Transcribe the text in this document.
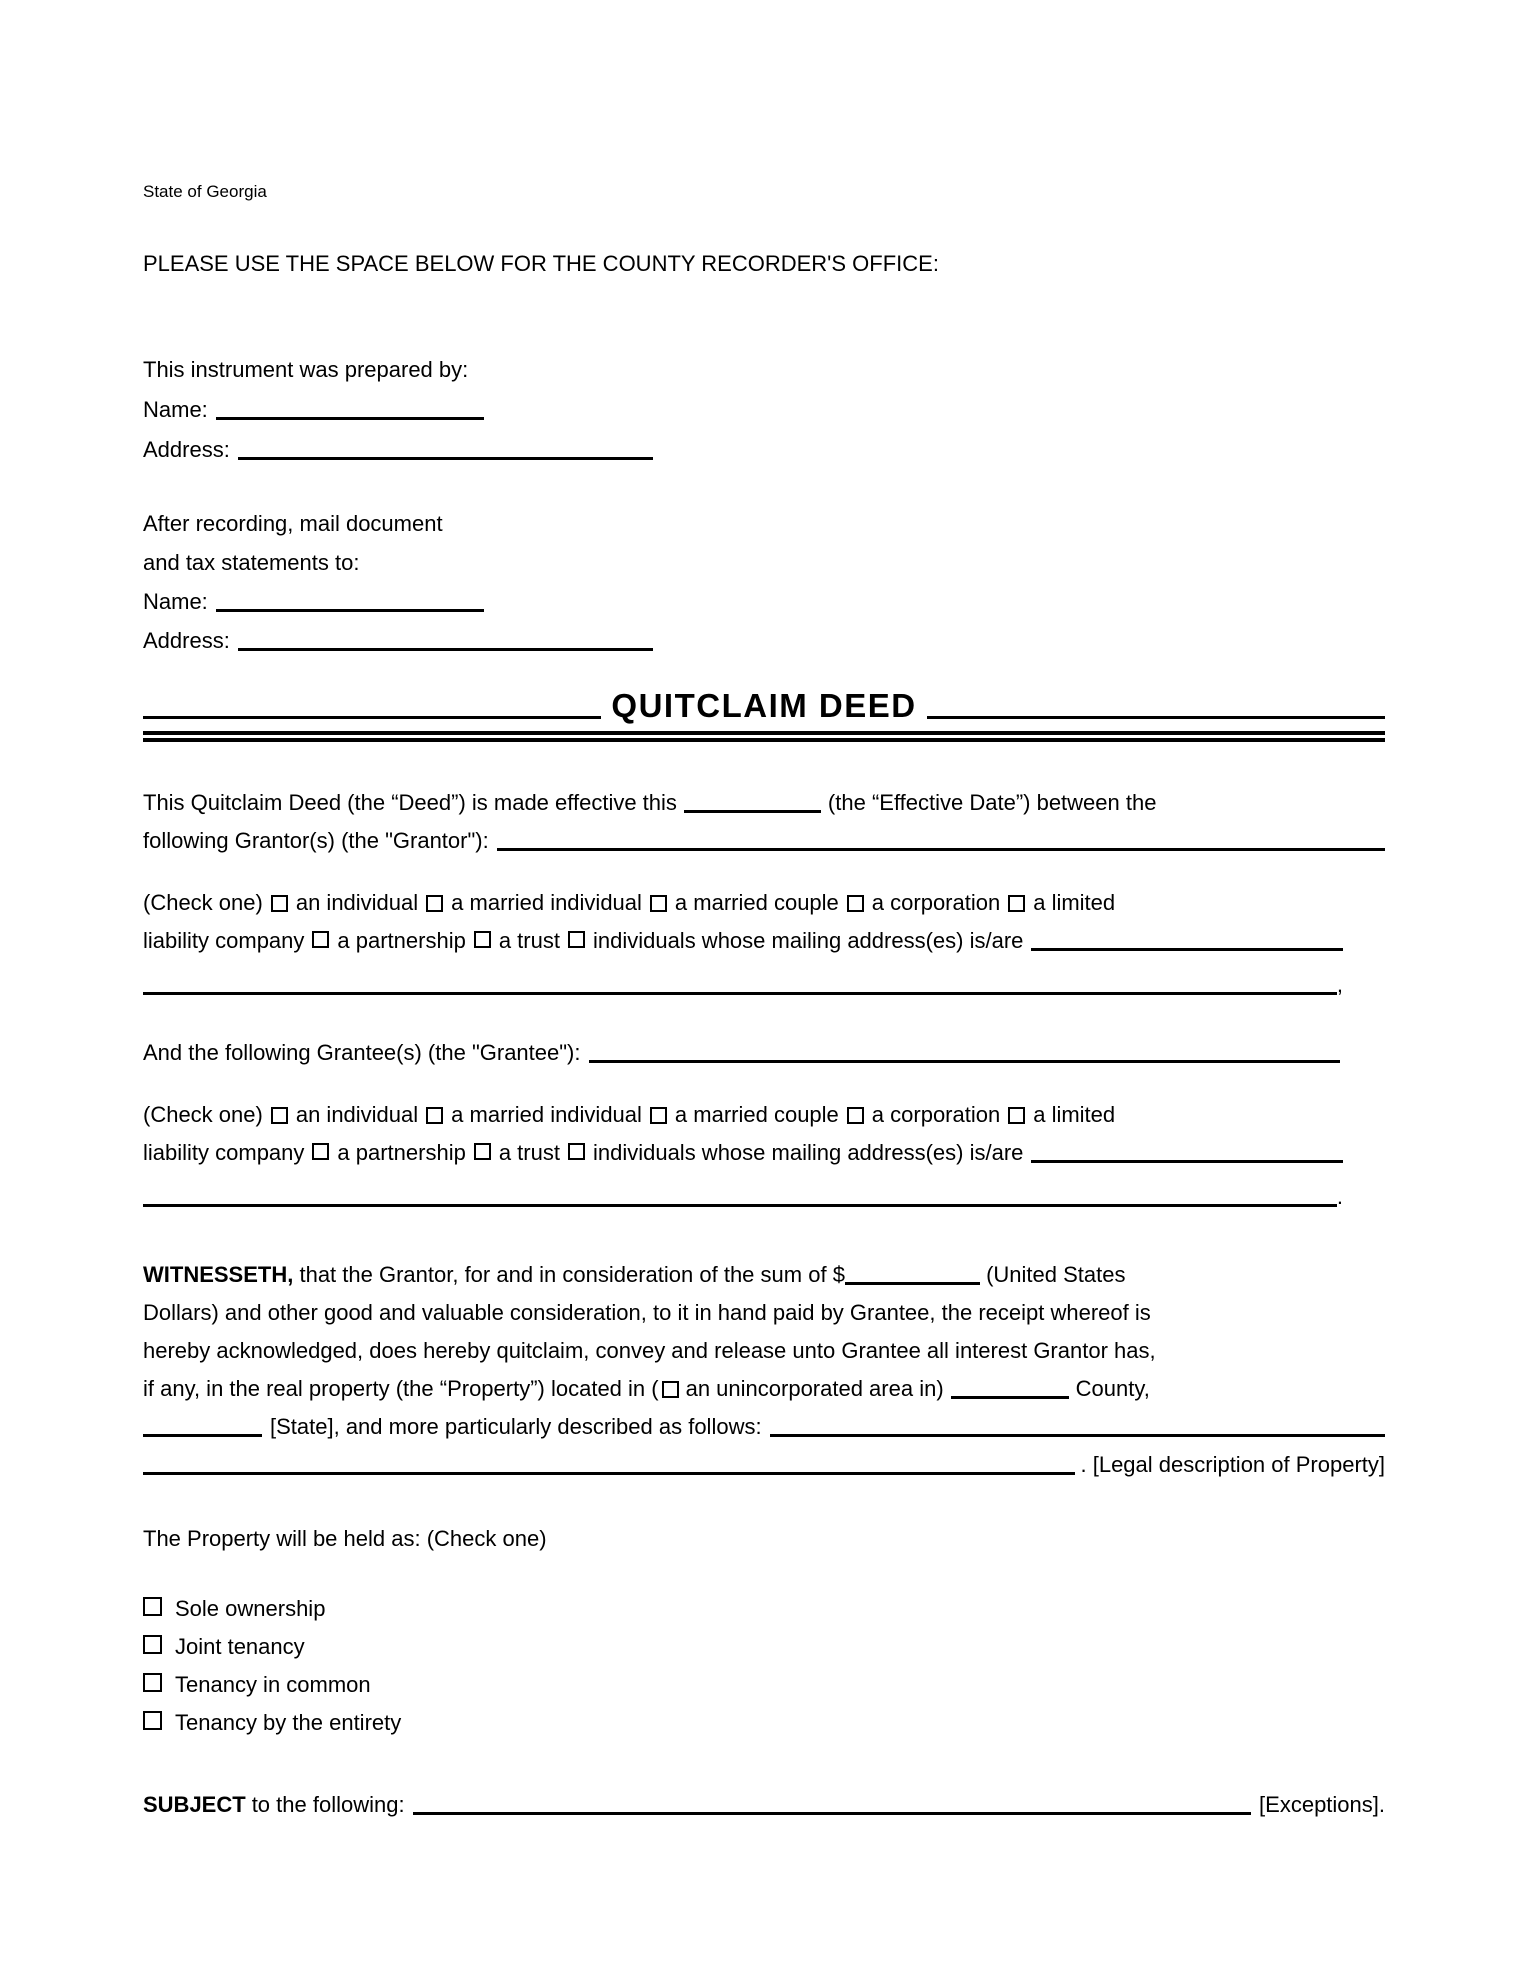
State of Georgia
PLEASE USE THE SPACE BELOW FOR THE COUNTY RECORDER'S OFFICE:
This instrument was prepared by:
Name:
Address:
After recording, mail document
and tax statements to:
Name:
Address:
QUITCLAIM DEED
This Quitclaim Deed (the “Deed”) is made effective this	(the “Effective Date”) between the
following Grantor(s) (the "Grantor"):
(Check one) an individual a married individual a married couple a corporation a limited
liability company a partnership a trust individuals whose mailing address(es) is/are
,
And the following Grantee(s) (the "Grantee"):
(Check one) an individual a married individual a married couple a corporation a limited
liability company a partnership a trust individuals whose mailing address(es) is/are
.
WITNESSETH, that the Grantor, for and in consideration of the sum of $	(United States
Dollars) and other good and valuable consideration, to it in hand paid by Grantee, the receipt whereof is
hereby acknowledged, does hereby quitclaim, convey and release unto Grantee all interest Grantor has,
if any, in the real property (the “Property”) located in ( an unincorporated area in)	County,
[State], and more particularly described as follows:
. [Legal description of Property]
The Property will be held as: (Check one)
Sole ownership
Joint tenancy
Tenancy in common
Tenancy by the entirety
SUBJECT to the following:	[Exceptions].
